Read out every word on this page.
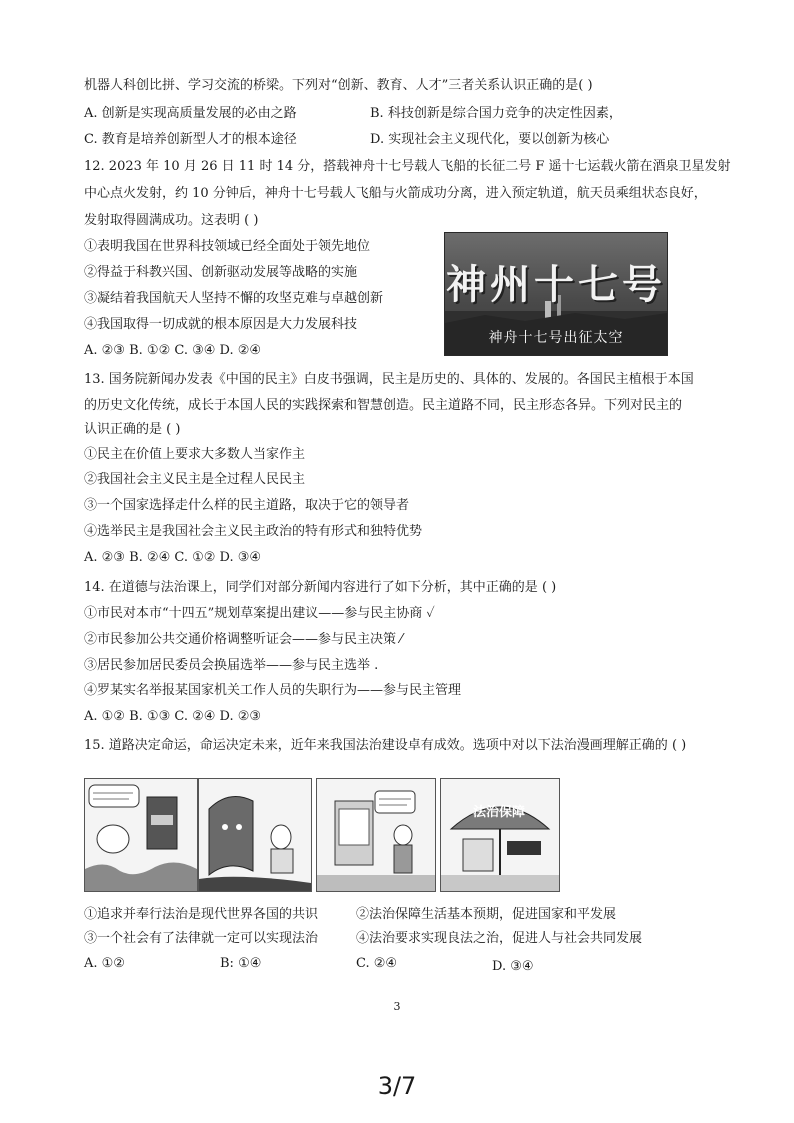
机器人科创比拼、学习交流的桥梁。下列对“创新、教育、人才”三者关系认识正确的是( )
A. 创新是实现高质量发展的必由之路	B. 科技创新是综合国力竞争的决定性因素，
C. 教育是培养创新型人才的根本途径	D. 实现社会主义现代化，要以创新为核心
12. 2023 年 10 月 26 日 11 时 14 分，搭载神舟十七号载人飞船的长征二号 F 遥十七运载火箭在酒泉卫星发射
中心点火发射，约 10 分钟后，神舟十七号载人飞船与火箭成功分离，进入预定轨道，航天员乘组状态良好，
发射取得圆满成功。这表明 ( )
①表明我国在世界科技领域已经全面处于领先地位
②得益于科教兴国、创新驱动发展等战略的实施
③凝结着我国航天人坚持不懈的攻坚克难与卓越创新
④我国取得一切成就的根本原因是大力发展科技
A. ②③ B. ①② C. ③④ D. ②④
神州十七号
神舟十七号出征太空
13. 国务院新闻办发表《中国的民主》白皮书强调，民主是历史的、具体的、发展的。各国民主植根于本国
的历史文化传统，成长于本国人民的实践探索和智慧创造。民主道路不同，民主形态各异。下列对民主的
认识正确的是 ( )
①民主在价值上要求大多数人当家作主
②我国社会主义民主是全过程人民民主
③一个国家选择走什么样的民主道路，取决于它的领导者
④选举民主是我国社会主义民主政治的特有形式和独特优势
A. ②③ B. ②④ C. ①② D. ③④
14. 在道德与法治课上，同学们对部分新闻内容进行了如下分析，其中正确的是 ( )
①市民对本市“十四五”规划草案提出建议——参与民主协商 ✓
②市民参加公共交通价格调整听证会——参与民主决策 ⁄
③居民参加居民委员会换届选举——参与民主选举 .
④罗某实名举报某国家机关工作人员的失职行为——参与民主管理
A. ①② B. ①③ C. ②④ D. ②③
15. 道路决定命运，命运决定未来，近年来我国法治建设卓有成效。选项中对以下法治漫画理解正确的 ( )
法治保障
①追求并奉行法治是现代世界各国的共识	②法治保障生活基本预期，促进国家和平发展
③一个社会有了法律就一定可以实现法治	④法治要求实现良法之治，促进人与社会共同发展
A. ①②	B: ①④	C. ②④	D. ③④
3
3/7
